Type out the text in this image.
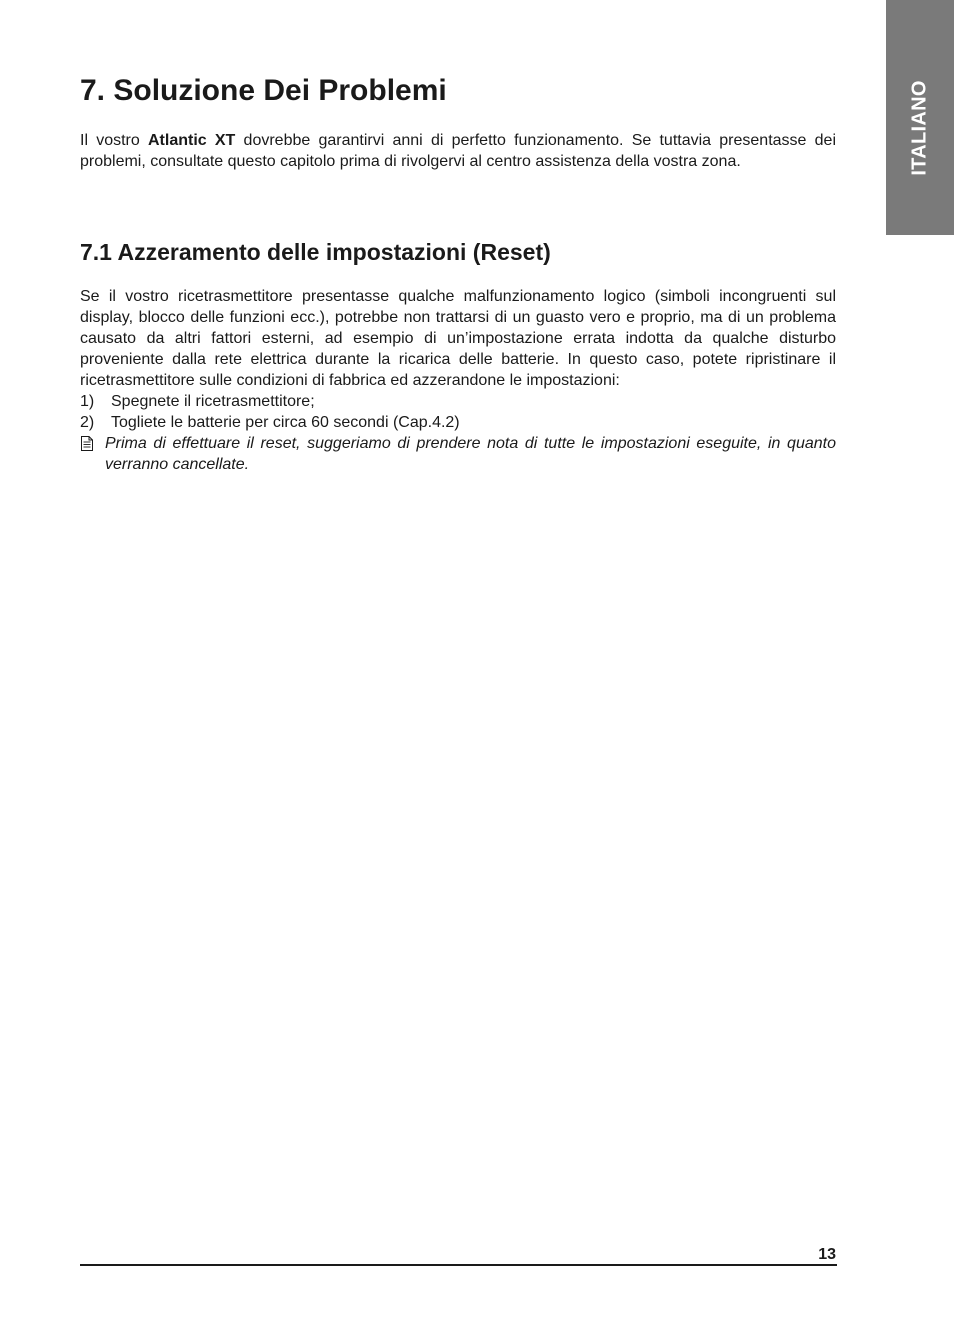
ITALIANO
7. Soluzione Dei Problemi

Il vostro Atlantic XT dovrebbe garantirvi anni di perfetto funzionamento. Se tuttavia presentasse dei problemi, consultate questo capitolo prima di rivolgervi al centro assistenza della vostra zona.

7.1 Azzeramento delle impostazioni (Reset)

Se il vostro ricetrasmettitore presentasse qualche malfunzionamento logico (simboli incongruenti sul display, blocco delle funzioni ecc.), potrebbe non trattarsi di un guasto vero e proprio, ma di un problema causato da altri fattori esterni, ad esempio di un’impostazione errata indotta da qualche disturbo proveniente dalla rete elettrica durante la ricarica delle batterie. In questo caso, potete ripristinare il ricetrasmettitore sulle condizioni di fabbrica ed azzerandone le impostazioni:

1)	Spegnete il ricetrasmettitore;
2)	Togliete le batterie per circa 60 secondi (Cap.4.2)
Prima di effettuare il reset, suggeriamo di prendere nota di tutte le impostazioni eseguite, in quanto verranno cancellate.
13
